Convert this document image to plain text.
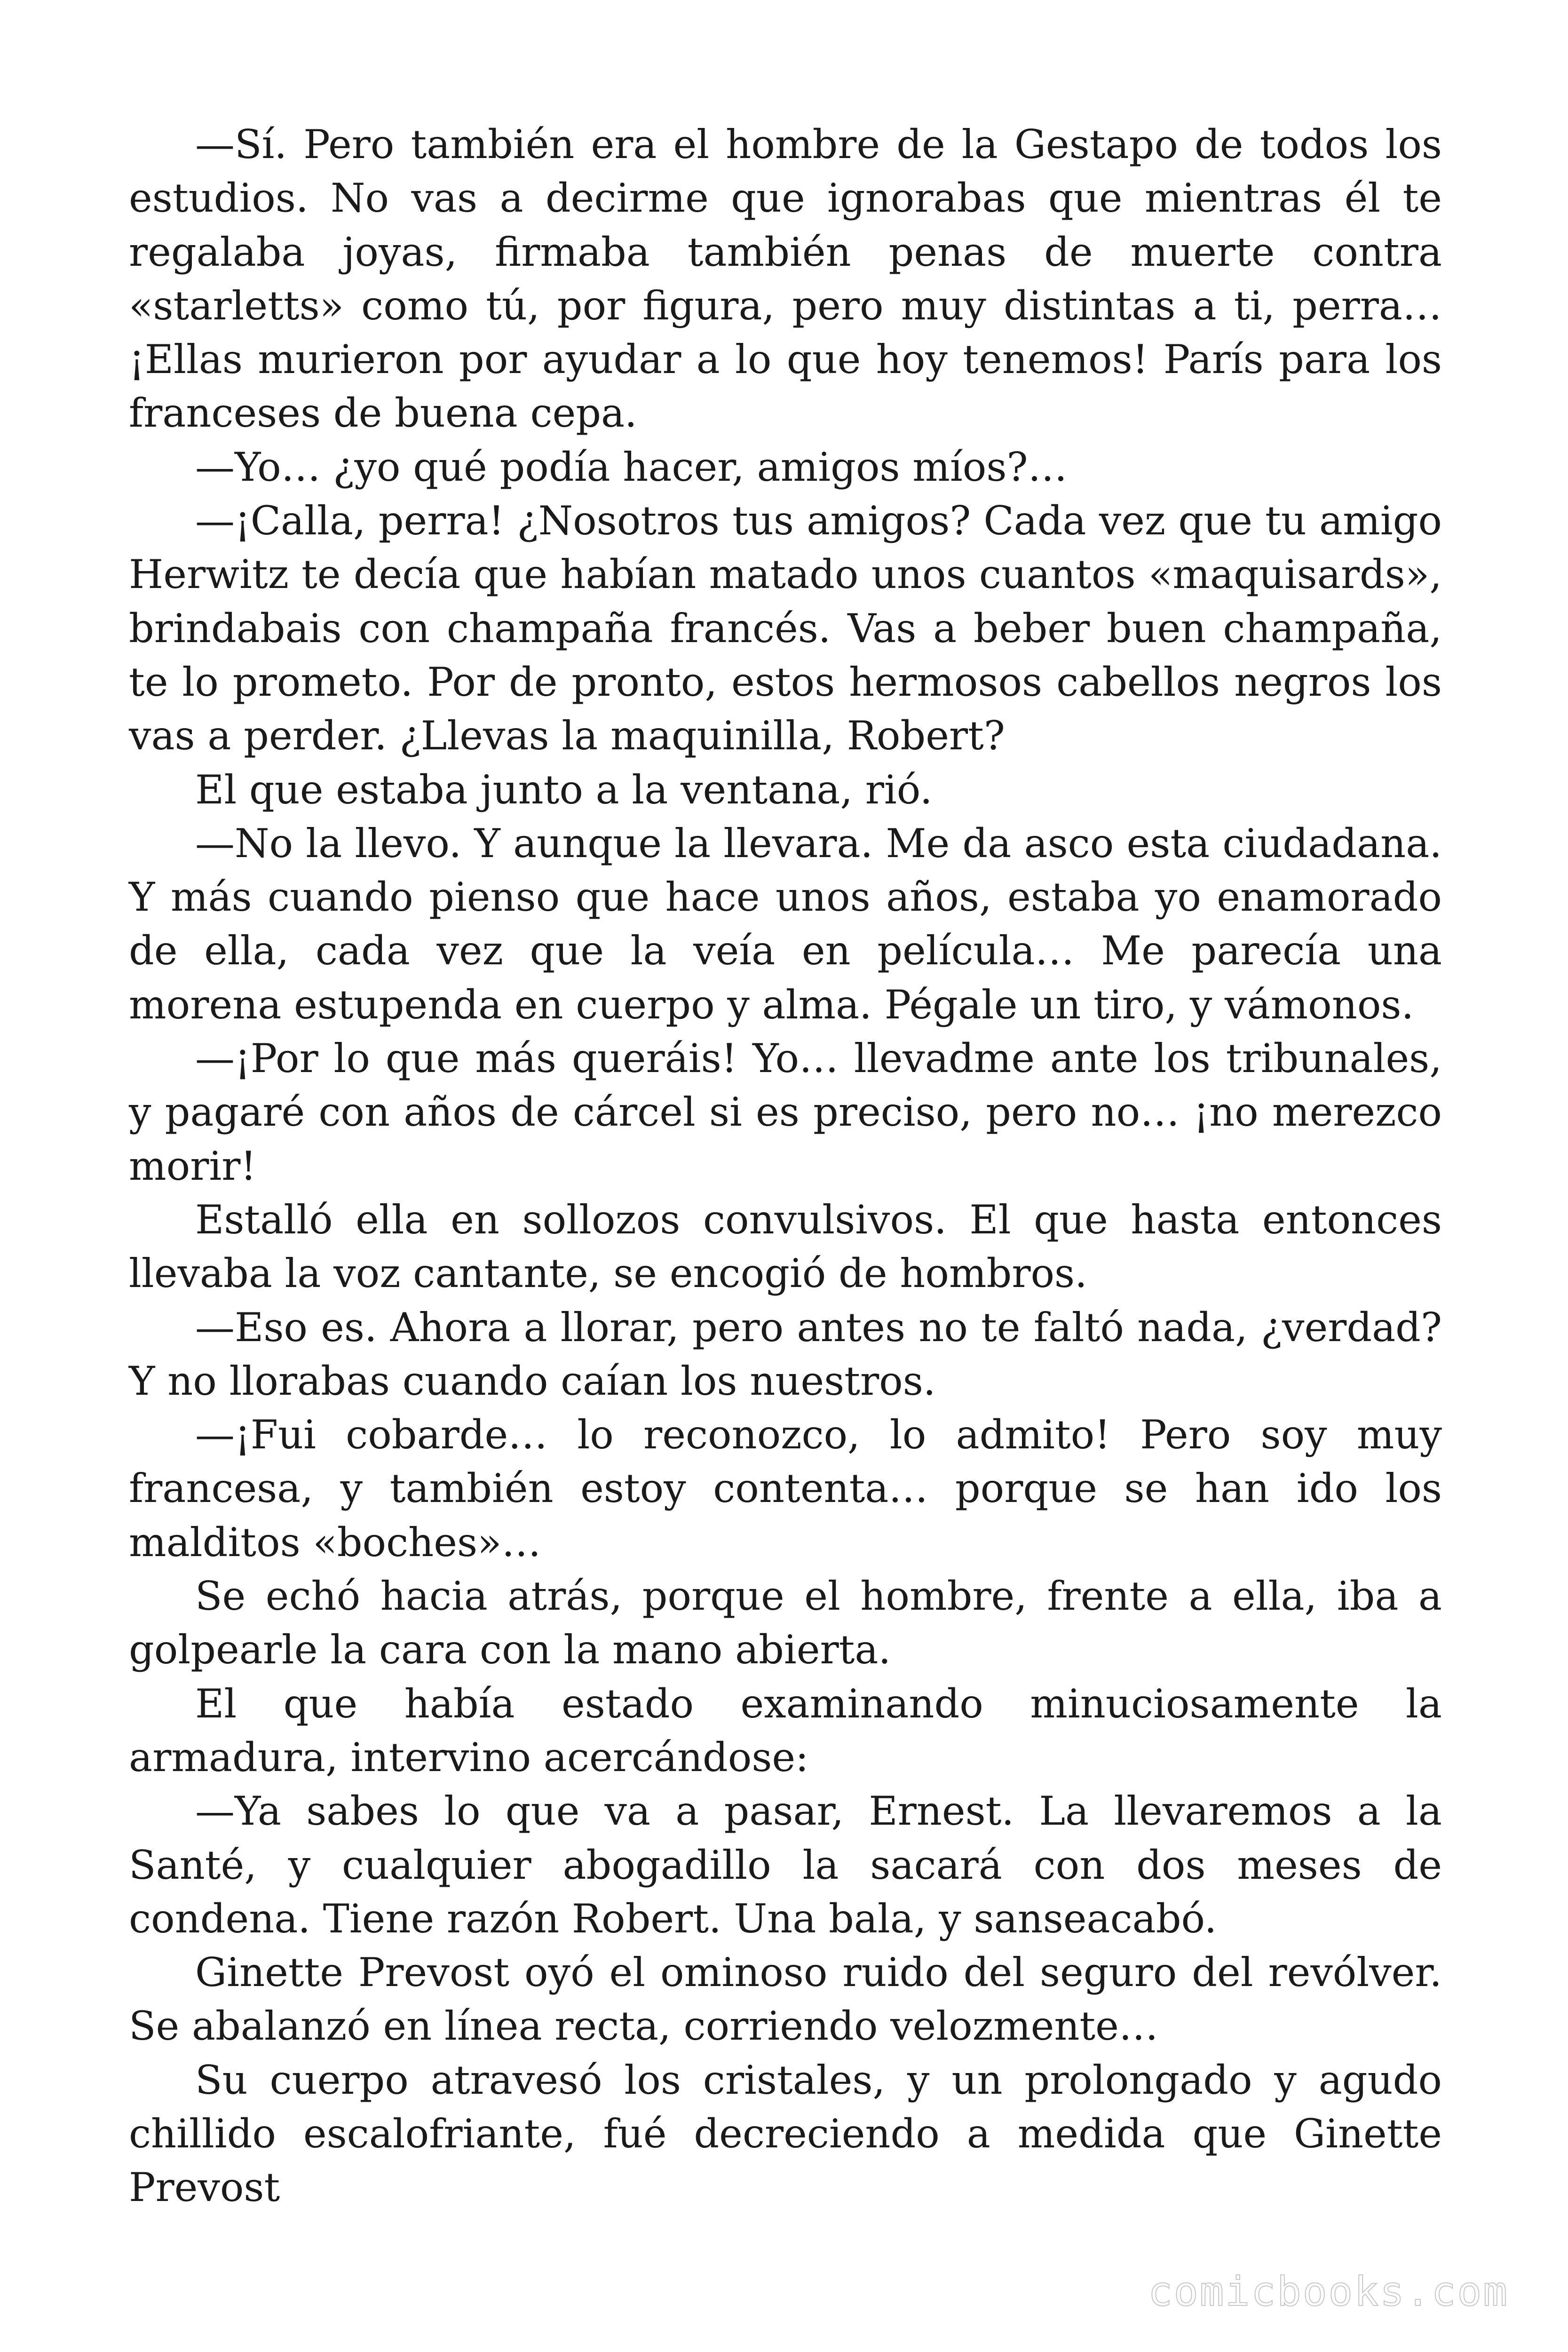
—Sí. Pero también era el hombre de la Gestapo de todos los estudios. No vas a decirme que ignorabas que mientras él te regalaba joyas, firmaba también penas de muerte contra «starletts» como tú, por figura, pero muy distintas a ti, perra… ¡Ellas murieron por ayudar a lo que hoy tenemos! París para los franceses de buena cepa.

—Yo… ¿yo qué podía hacer, amigos míos?…

—¡Calla, perra! ¿Nosotros tus amigos? Cada vez que tu amigo Herwitz te decía que habían matado unos cuantos «maquisards», brindabais con champaña francés. Vas a beber buen champaña, te lo prometo. Por de pronto, estos hermosos cabellos negros los vas a perder. ¿Llevas la maquinilla, Robert?

El que estaba junto a la ventana, rió.

—No la llevo. Y aunque la llevara. Me da asco esta ciudadana. Y más cuando pienso que hace unos años, estaba yo enamorado de ella, cada vez que la veía en película… Me parecía una morena estupenda en cuerpo y alma. Pégale un tiro, y vámonos.

—¡Por lo que más queráis! Yo… llevadme ante los tribunales, y pagaré con años de cárcel si es preciso, pero no… ¡no merezco morir!

Estalló ella en sollozos convulsivos. El que hasta entonces llevaba la voz cantante, se encogió de hombros.

—Eso es. Ahora a llorar, pero antes no te faltó nada, ¿verdad? Y no llorabas cuando caían los nuestros.

—¡Fui cobarde… lo reconozco, lo admito! Pero soy muy francesa, y también estoy contenta… porque se han ido los malditos «boches»…

Se echó hacia atrás, porque el hombre, frente a ella, iba a golpearle la cara con la mano abierta.

El que había estado examinando minuciosamente la armadura, intervino acercándose:

—Ya sabes lo que va a pasar, Ernest. La llevaremos a la Santé, y cualquier abogadillo la sacará con dos meses de condena. Tiene razón Robert. Una bala, y sanseacabó.

Ginette Prevost oyó el ominoso ruido del seguro del revólver. Se abalanzó en línea recta, corriendo velozmente…

Su cuerpo atravesó los cristales, y un prolongado y agudo chillido escalofriante, fué decreciendo a medida que Ginette Prevost

comicbooks.com
